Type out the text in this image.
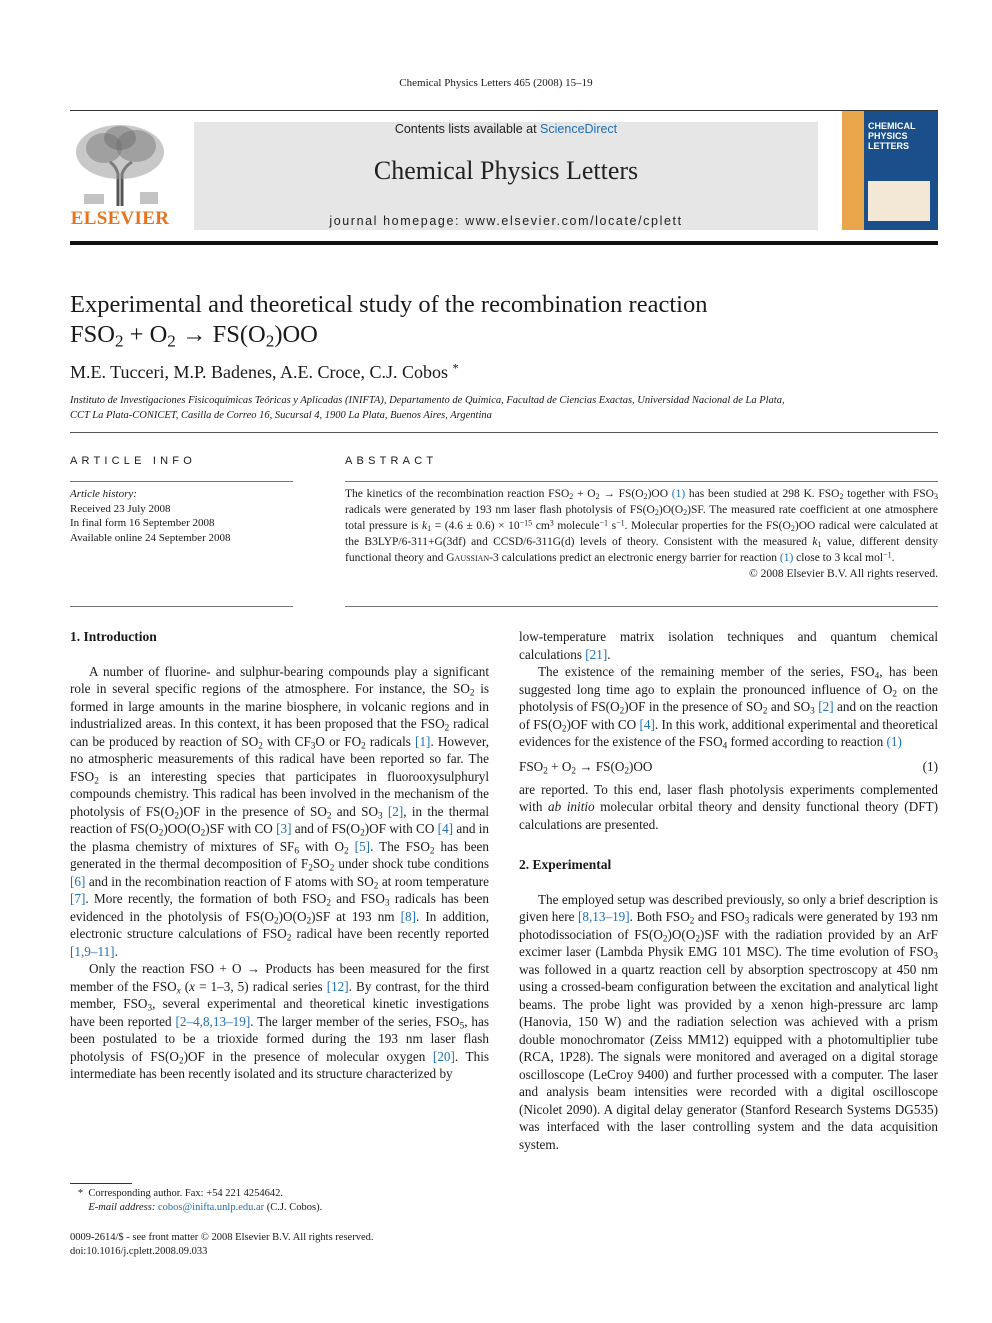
Chemical Physics Letters 465 (2008) 15–19
ELSEVIER
Contents lists available at ScienceDirect
Chemical Physics Letters
journal homepage: www.elsevier.com/locate/cplett
CHEMICAL
PHYSICS
LETTERS
Experimental and theoretical study of the recombination reaction
$FSO_2 + O_2 \to FS(O_2)OO$
M.E. Tucceri, M.P. Badenes, A.E. Croce, C.J. Cobos *
Instituto de Investigaciones Fisicoquímicas Teóricas y Aplicadas (INIFTA), Departamento de Química, Facultad de Ciencias Exactas, Universidad Nacional de La Plata,
CCT La Plata-CONICET, Casilla de Correo 16, Sucursal 4, 1900 La Plata, Buenos Aires, Argentina
ARTICLE INFO	ABSTRACT
Article history:
Received 23 July 2008
In final form 16 September 2008
Available online 24 September 2008
The kinetics of the recombination reaction $FSO_2 + O_2 \to FS(O_2)OO$ (1) has been studied at 298 K. $FSO_2$ together with $FSO_3$ radicals were generated by 193 nm laser flash photolysis of $FS(O_2)O(O_2)SF$. The measured rate coefficient at one atmosphere total pressure is $k_1 = (4.6 \pm 0.6) \times 10^{-15}$ $cm^3$ molecule$^{-1}$ $s^{-1}$. Molecular properties for the $FS(O_2)OO$ radical were calculated at the B3LYP/6-311+G(3df) and CCSD/6-311G(d) levels of theory. Consistent with the measured $k_1$ value, different density functional theory and Gaussian-3 calculations predict an electronic energy barrier for reaction (1) close to 3 kcal mol$^{-1}$.
© 2008 Elsevier B.V. All rights reserved.

1. Introduction

A number of fluorine- and sulphur-bearing compounds play a significant role in several specific regions of the atmosphere. For instance, the $SO_2$ is formed in large amounts in the marine biosphere, in volcanic regions and in industrialized areas. In this context, it has been proposed that the $FSO_2$ radical can be produced by reaction of $SO_2$ with $CF_3O$ or $FO_2$ radicals [1]. However, no atmospheric measurements of this radical have been reported so far. The $FSO_2$ is an interesting species that participates in fluorooxysulphuryl compounds chemistry. This radical has been involved in the mechanism of the photolysis of $FS(O_2)OF$ in the presence of $SO_2$ and $SO_3$ [2], in the thermal reaction of $FS(O_2)OO(O_2)SF$ with CO [3] and of $FS(O_2)OF$ with CO [4] and in the plasma chemistry of mixtures of $SF_6$ with $O_2$ [5]. The $FSO_2$ has been generated in the thermal decomposition of $F_2SO_2$ under shock tube conditions [6] and in the recombination reaction of F atoms with $SO_2$ at room temperature [7]. More recently, the formation of both $FSO_2$ and $FSO_3$ radicals has been evidenced in the photolysis of $FS(O_2)O(O_2)SF$ at 193 nm [8]. In addition, electronic structure calculations of $FSO_2$ radical have been recently reported [1,9–11].

Only the reaction FSO + O → Products has been measured for the first member of the $FSO_x$ (x = 1–3, 5) radical series [12]. By contrast, for the third member, $FSO_3$, several experimental and theoretical kinetic investigations have been reported [2–4,8,13–19]. The larger member of the series, $FSO_5$, has been postulated to be a trioxide formed during the 193 nm laser flash photolysis of $FS(O_2)OF$ in the presence of molecular oxygen [20]. This intermediate has been recently isolated and its structure characterized by

low-temperature matrix isolation techniques and quantum chemical calculations [21].

The existence of the remaining member of the series, $FSO_4$, has been suggested long time ago to explain the pronounced influence of $O_2$ on the photolysis of $FS(O_2)OF$ in the presence of $SO_2$ and $SO_3$ [2] and on the reaction of $FS(O_2)OF$ with CO [4]. In this work, additional experimental and theoretical evidences for the existence of the $FSO_4$ formed according to reaction (1)

$FSO_2 + O_2 \to FS(O_2)OO$	(1)

are reported. To this end, laser flash photolysis experiments complemented with ab initio molecular orbital theory and density functional theory (DFT) calculations are presented.

2. Experimental

The employed setup was described previously, so only a brief description is given here [8,13–19]. Both $FSO_2$ and $FSO_3$ radicals were generated by 193 nm photodissociation of $FS(O_2)O(O_2)SF$ with the radiation provided by an ArF excimer laser (Lambda Physik EMG 101 MSC). The time evolution of $FSO_3$ was followed in a quartz reaction cell by absorption spectroscopy at 450 nm using a crossed-beam configuration between the excitation and analytical light beams. The probe light was provided by a xenon high-pressure arc lamp (Hanovia, 150 W) and the radiation selection was achieved with a prism double monochromator (Zeiss MM12) equipped with a photomultiplier tube (RCA, 1P28). The signals were monitored and averaged on a digital storage oscilloscope (LeCroy 9400) and further processed with a computer. The laser and analysis beam intensities were recorded with a digital oscilloscope (Nicolet 2090). A digital delay generator (Stanford Research Systems DG535) was interfaced with the laser controlling system and the data acquisition system.

*  Corresponding author. Fax: +54 221 4254642.
E-mail address: cobos@inifta.unlp.edu.ar (C.J. Cobos).
0009-2614/$ - see front matter © 2008 Elsevier B.V. All rights reserved.
doi:10.1016/j.cplett.2008.09.033
